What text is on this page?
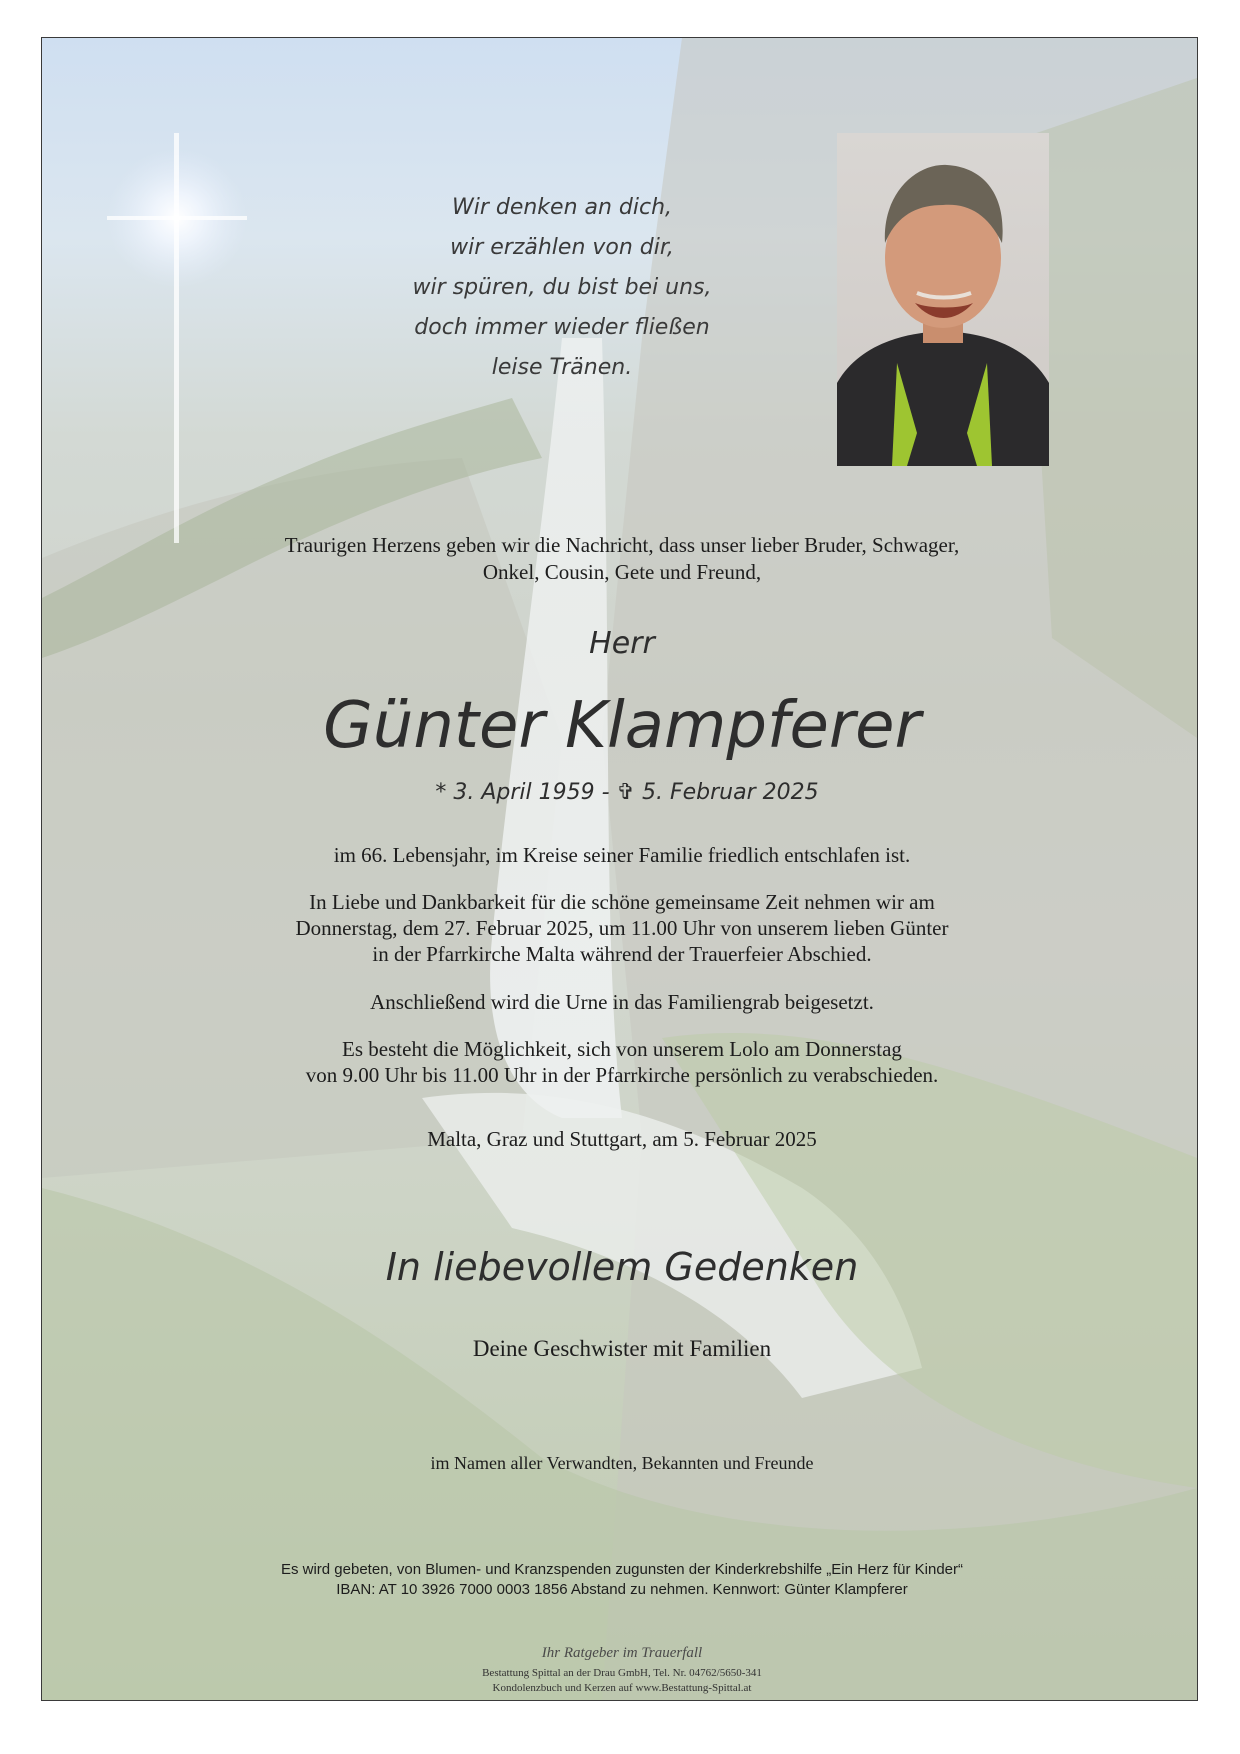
Wir denken an dich,
wir erzählen von dir,
wir spüren, du bist bei uns,
doch immer wieder fließen
leise Tränen.
Traurigen Herzens geben wir die Nachricht, dass unser lieber Bruder, Schwager,
Onkel, Cousin, Gete und Freund,
Herr
Günter Klampferer
* 3. April 1959 - ✞ 5. Februar 2025
im 66. Lebensjahr, im Kreise seiner Familie friedlich entschlafen ist.
In Liebe und Dankbarkeit für die schöne gemeinsame Zeit nehmen wir am
Donnerstag, dem 27. Februar 2025, um 11.00 Uhr von unserem lieben Günter
in der Pfarrkirche Malta während der Trauerfeier Abschied.
Anschließend wird die Urne in das Familiengrab beigesetzt.
Es besteht die Möglichkeit, sich von unserem Lolo am Donnerstag
von 9.00 Uhr bis 11.00 Uhr in der Pfarrkirche persönlich zu verabschieden.
Malta, Graz und Stuttgart, am 5. Februar 2025
In liebevollem Gedenken
Deine Geschwister mit Familien
im Namen aller Verwandten, Bekannten und Freunde
Es wird gebeten, von Blumen- und Kranzspenden zugunsten der Kinderkrebshilfe „Ein Herz für Kinder“
IBAN: AT 10 3926 7000 0003 1856 Abstand zu nehmen. Kennwort: Günter Klampferer
Ihr Ratgeber im Trauerfall
Bestattung Spittal an der Drau GmbH, Tel. Nr. 04762/5650-341
Kondolenzbuch und Kerzen auf www.Bestattung-Spittal.at
